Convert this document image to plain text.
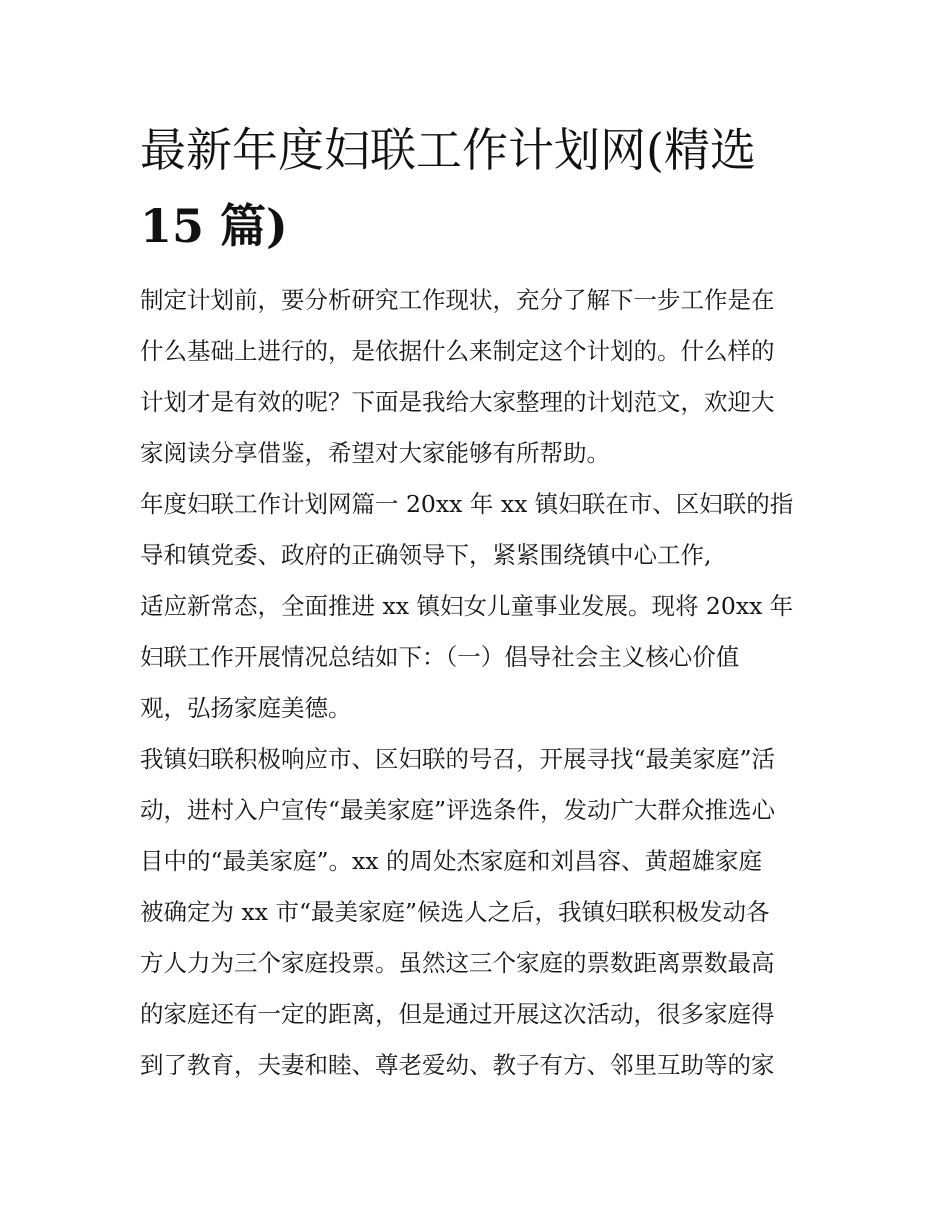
最新年度妇联工作计划网(精选
15 篇)
制定计划前，要分析研究工作现状，充分了解下一步工作是在
什么基础上进行的，是依据什么来制定这个计划的。什么样的
计划才是有效的呢？下面是我给大家整理的计划范文，欢迎大
家阅读分享借鉴，希望对大家能够有所帮助。
年度妇联工作计划网篇一 20xx 年 xx 镇妇联在市、区妇联的指
导和镇党委、政府的正确领导下，紧紧围绕镇中心工作,
适应新常态，全面推进 xx 镇妇女儿童事业发展。现将 20xx 年
妇联工作开展情况总结如下：（一）倡导社会主义核心价值
观，弘扬家庭美德。
我镇妇联积极响应市、区妇联的号召，开展寻找“最美家庭”活
动，进村入户宣传“最美家庭”评选条件，发动广大群众推选心
目中的“最美家庭”。xx 的周处杰家庭和刘昌容、黄超雄家庭
被确定为 xx 市“最美家庭”候选人之后，我镇妇联积极发动各
方人力为三个家庭投票。虽然这三个家庭的票数距离票数最高
的家庭还有一定的距离，但是通过开展这次活动，很多家庭得
到了教育，夫妻和睦、尊老爱幼、教子有方、邻里互助等的家
